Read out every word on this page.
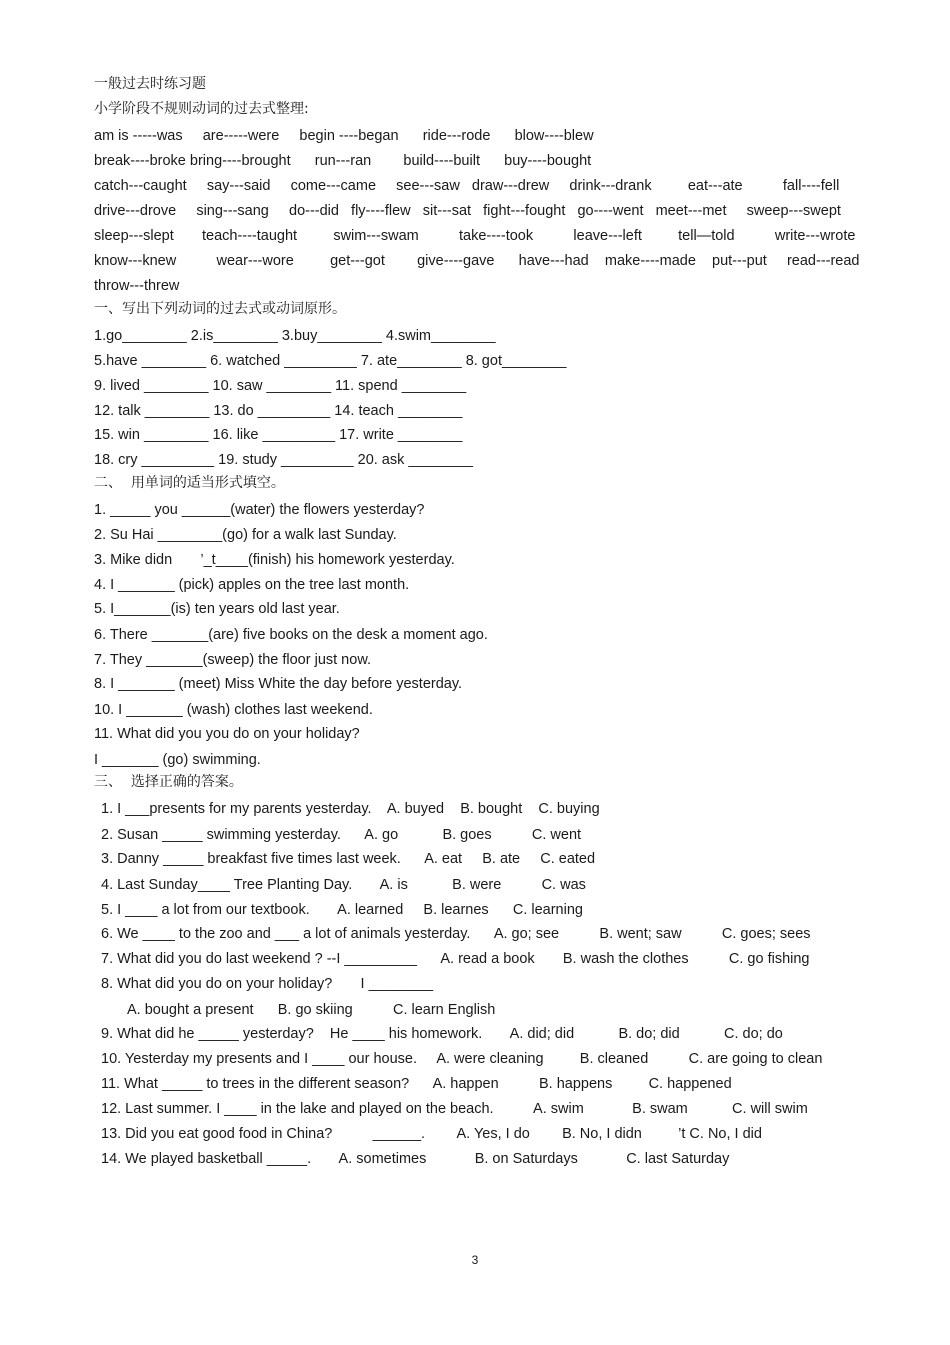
一般过去时练习题
小学阶段不规则动词的过去式整理:
am is -----was     are-----were     begin ----began      ride---rode      blow----blew
break----broke bring----brought      run---ran        build----built      buy----bought
catch---caught     say---said     come---came     see---saw   draw---drew     drink---drank         eat---ate          fall----fell
drive---drove     sing---sang     do---did   fly----flew   sit---sat   fight---fought   go----went   meet---met     sweep---swept
sleep---slept       teach----taught         swim---swam          take----took          leave---left         tell—told          write---wrote
know---knew          wear---wore         get---got        give----gave      have---had    make----made    put---put     read---read
throw---threw
一、写出下列动词的过去式或动词原形。
1.go________ 2.is________ 3.buy________ 4.swim________
5.have ________ 6. watched _________ 7. ate________ 8. got________
9. lived ________ 10. saw ________ 11. spend ________
12. talk ________ 13. do _________ 14. teach ________
15. win ________ 16. like _________ 17. write ________
18. cry _________ 19. study _________ 20. ask ________
二、  用单词的适当形式填空。
1. _____ you ______(water) the flowers yesterday?
2. Su Hai ________(go) for a walk last Sunday.
3. Mike didn       ’_t____(finish) his homework yesterday.
4. I _______ (pick) apples on the tree last month.
5. I_______(is) ten years old last year.
6. There _______(are) five books on the desk a moment ago.
7. They _______(sweep) the floor just now.
8. I _______ (meet) Miss White the day before yesterday.
10. I _______ (wash) clothes last weekend.
11. What did you you do on your holiday?
I _______ (go) swimming.
三、  选择正确的答案。
1. I ___presents for my parents yesterday.    A. buyed    B. bought    C. buying
2. Susan _____ swimming yesterday.      A. go           B. goes          C. went
3. Danny _____ breakfast five times last week.      A. eat     B. ate     C. eated
4. Last Sunday____ Tree Planting Day.       A. is           B. were          C. was
5. I ____ a lot from our textbook.       A. learned     B. learnes      C. learning
6. We ____ to the zoo and ___ a lot of animals yesterday.      A. go; see          B. went; saw          C. goes; sees
7. What did you do last weekend ? --I _________      A. read a book       B. wash the clothes          C. go fishing
8. What did you do on your holiday?       I ________
A. bought a present      B. go skiing          C. learn English
9. What did he _____ yesterday?    He ____ his homework.       A. did; did           B. do; did           C. do; do
10. Yesterday my presents and I ____ our house.     A. were cleaning         B. cleaned          C. are going to clean
11. What _____ to trees in the different season?      A. happen          B. happens         C. happened
12. Last summer. I ____ in the lake and played on the beach.          A. swim            B. swam           C. will swim
13. Did you eat good food in China?          ______.        A. Yes, I do        B. No, I didn         ’t C. No, I did
14. We played basketball _____.       A. sometimes            B. on Saturdays            C. last Saturday
3
